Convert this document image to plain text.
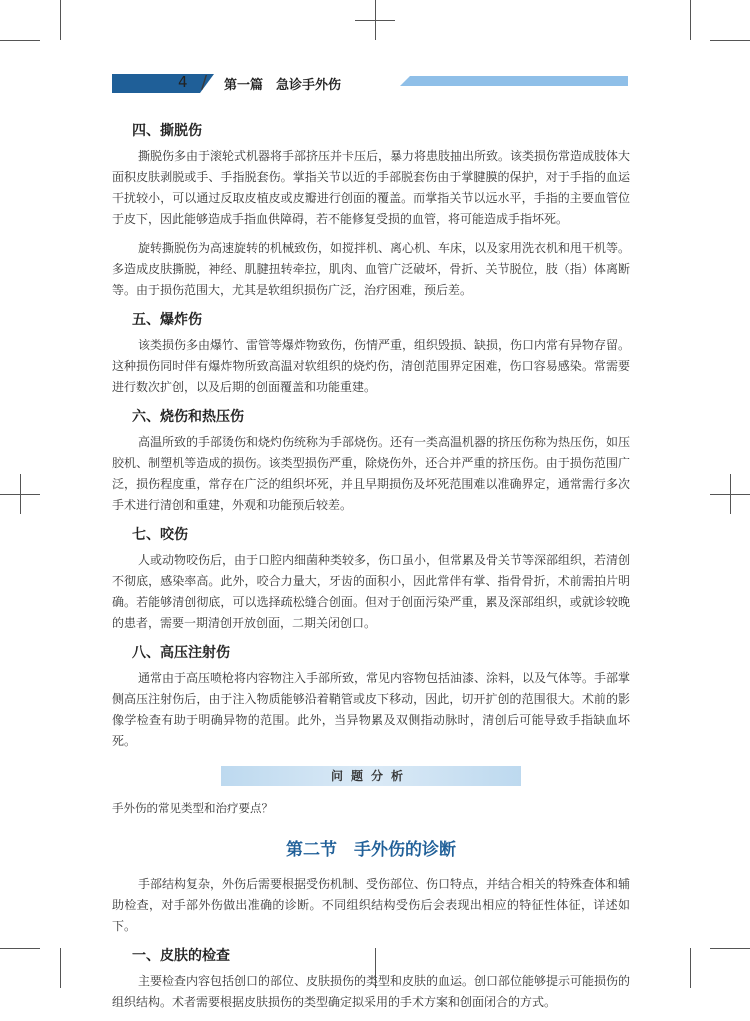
4 / 第一篇　急诊手外伤
四、撕脱伤

撕脱伤多由于滚轮式机器将手部挤压并卡压后，暴力将患肢抽出所致。该类损伤常造成肢体大面积皮肤剥脱或手、手指脱套伤。掌指关节以近的手部脱套伤由于掌腱膜的保护，对于手指的血运干扰较小，可以通过反取皮植皮或皮瓣进行创面的覆盖。而掌指关节以远水平，手指的主要血管位于皮下，因此能够造成手指血供障碍，若不能修复受损的血管，将可能造成手指坏死。

旋转撕脱伤为高速旋转的机械致伤，如搅拌机、离心机、车床，以及家用洗衣机和甩干机等。多造成皮肤撕脱，神经、肌腱扭转牵拉，肌肉、血管广泛破坏，骨折、关节脱位，肢（指）体离断等。由于损伤范围大，尤其是软组织损伤广泛，治疗困难，预后差。

五、爆炸伤

该类损伤多由爆竹、雷管等爆炸物致伤，伤情严重，组织毁损、缺损，伤口内常有异物存留。这种损伤同时伴有爆炸物所致高温对软组织的烧灼伤，清创范围界定困难，伤口容易感染。常需要进行数次扩创，以及后期的创面覆盖和功能重建。

六、烧伤和热压伤

高温所致的手部烫伤和烧灼伤统称为手部烧伤。还有一类高温机器的挤压伤称为热压伤，如压胶机、制塑机等造成的损伤。该类型损伤严重，除烧伤外，还合并严重的挤压伤。由于损伤范围广泛，损伤程度重，常存在广泛的组织坏死，并且早期损伤及坏死范围难以准确界定，通常需行多次手术进行清创和重建，外观和功能预后较差。

七、咬伤

人或动物咬伤后，由于口腔内细菌种类较多，伤口虽小，但常累及骨关节等深部组织，若清创不彻底，感染率高。此外，咬合力量大，牙齿的面积小，因此常伴有掌、指骨骨折，术前需拍片明确。若能够清创彻底，可以选择疏松缝合创面。但对于创面污染严重，累及深部组织，或就诊较晚的患者，需要一期清创开放创面，二期关闭创口。

八、高压注射伤

通常由于高压喷枪将内容物注入手部所致，常见内容物包括油漆、涂料，以及气体等。手部掌侧高压注射伤后，由于注入物质能够沿着鞘管或皮下移动，因此，切开扩创的范围很大。术前的影像学检查有助于明确异物的范围。此外，当异物累及双侧指动脉时，清创后可能导致手指缺血坏死。

问题分析

手外伤的常见类型和治疗要点？

第二节　手外伤的诊断

手部结构复杂，外伤后需要根据受伤机制、受伤部位、伤口特点，并结合相关的特殊查体和辅助检查，对手部外伤做出准确的诊断。不同组织结构受伤后会表现出相应的特征性体征，详述如下。

一、皮肤的检查

主要检查内容包括创口的部位、皮肤损伤的类型和皮肤的血运。创口部位能够提示可能损伤的组织结构。术者需要根据皮肤损伤的类型确定拟采用的手术方案和创面闭合的方式。
